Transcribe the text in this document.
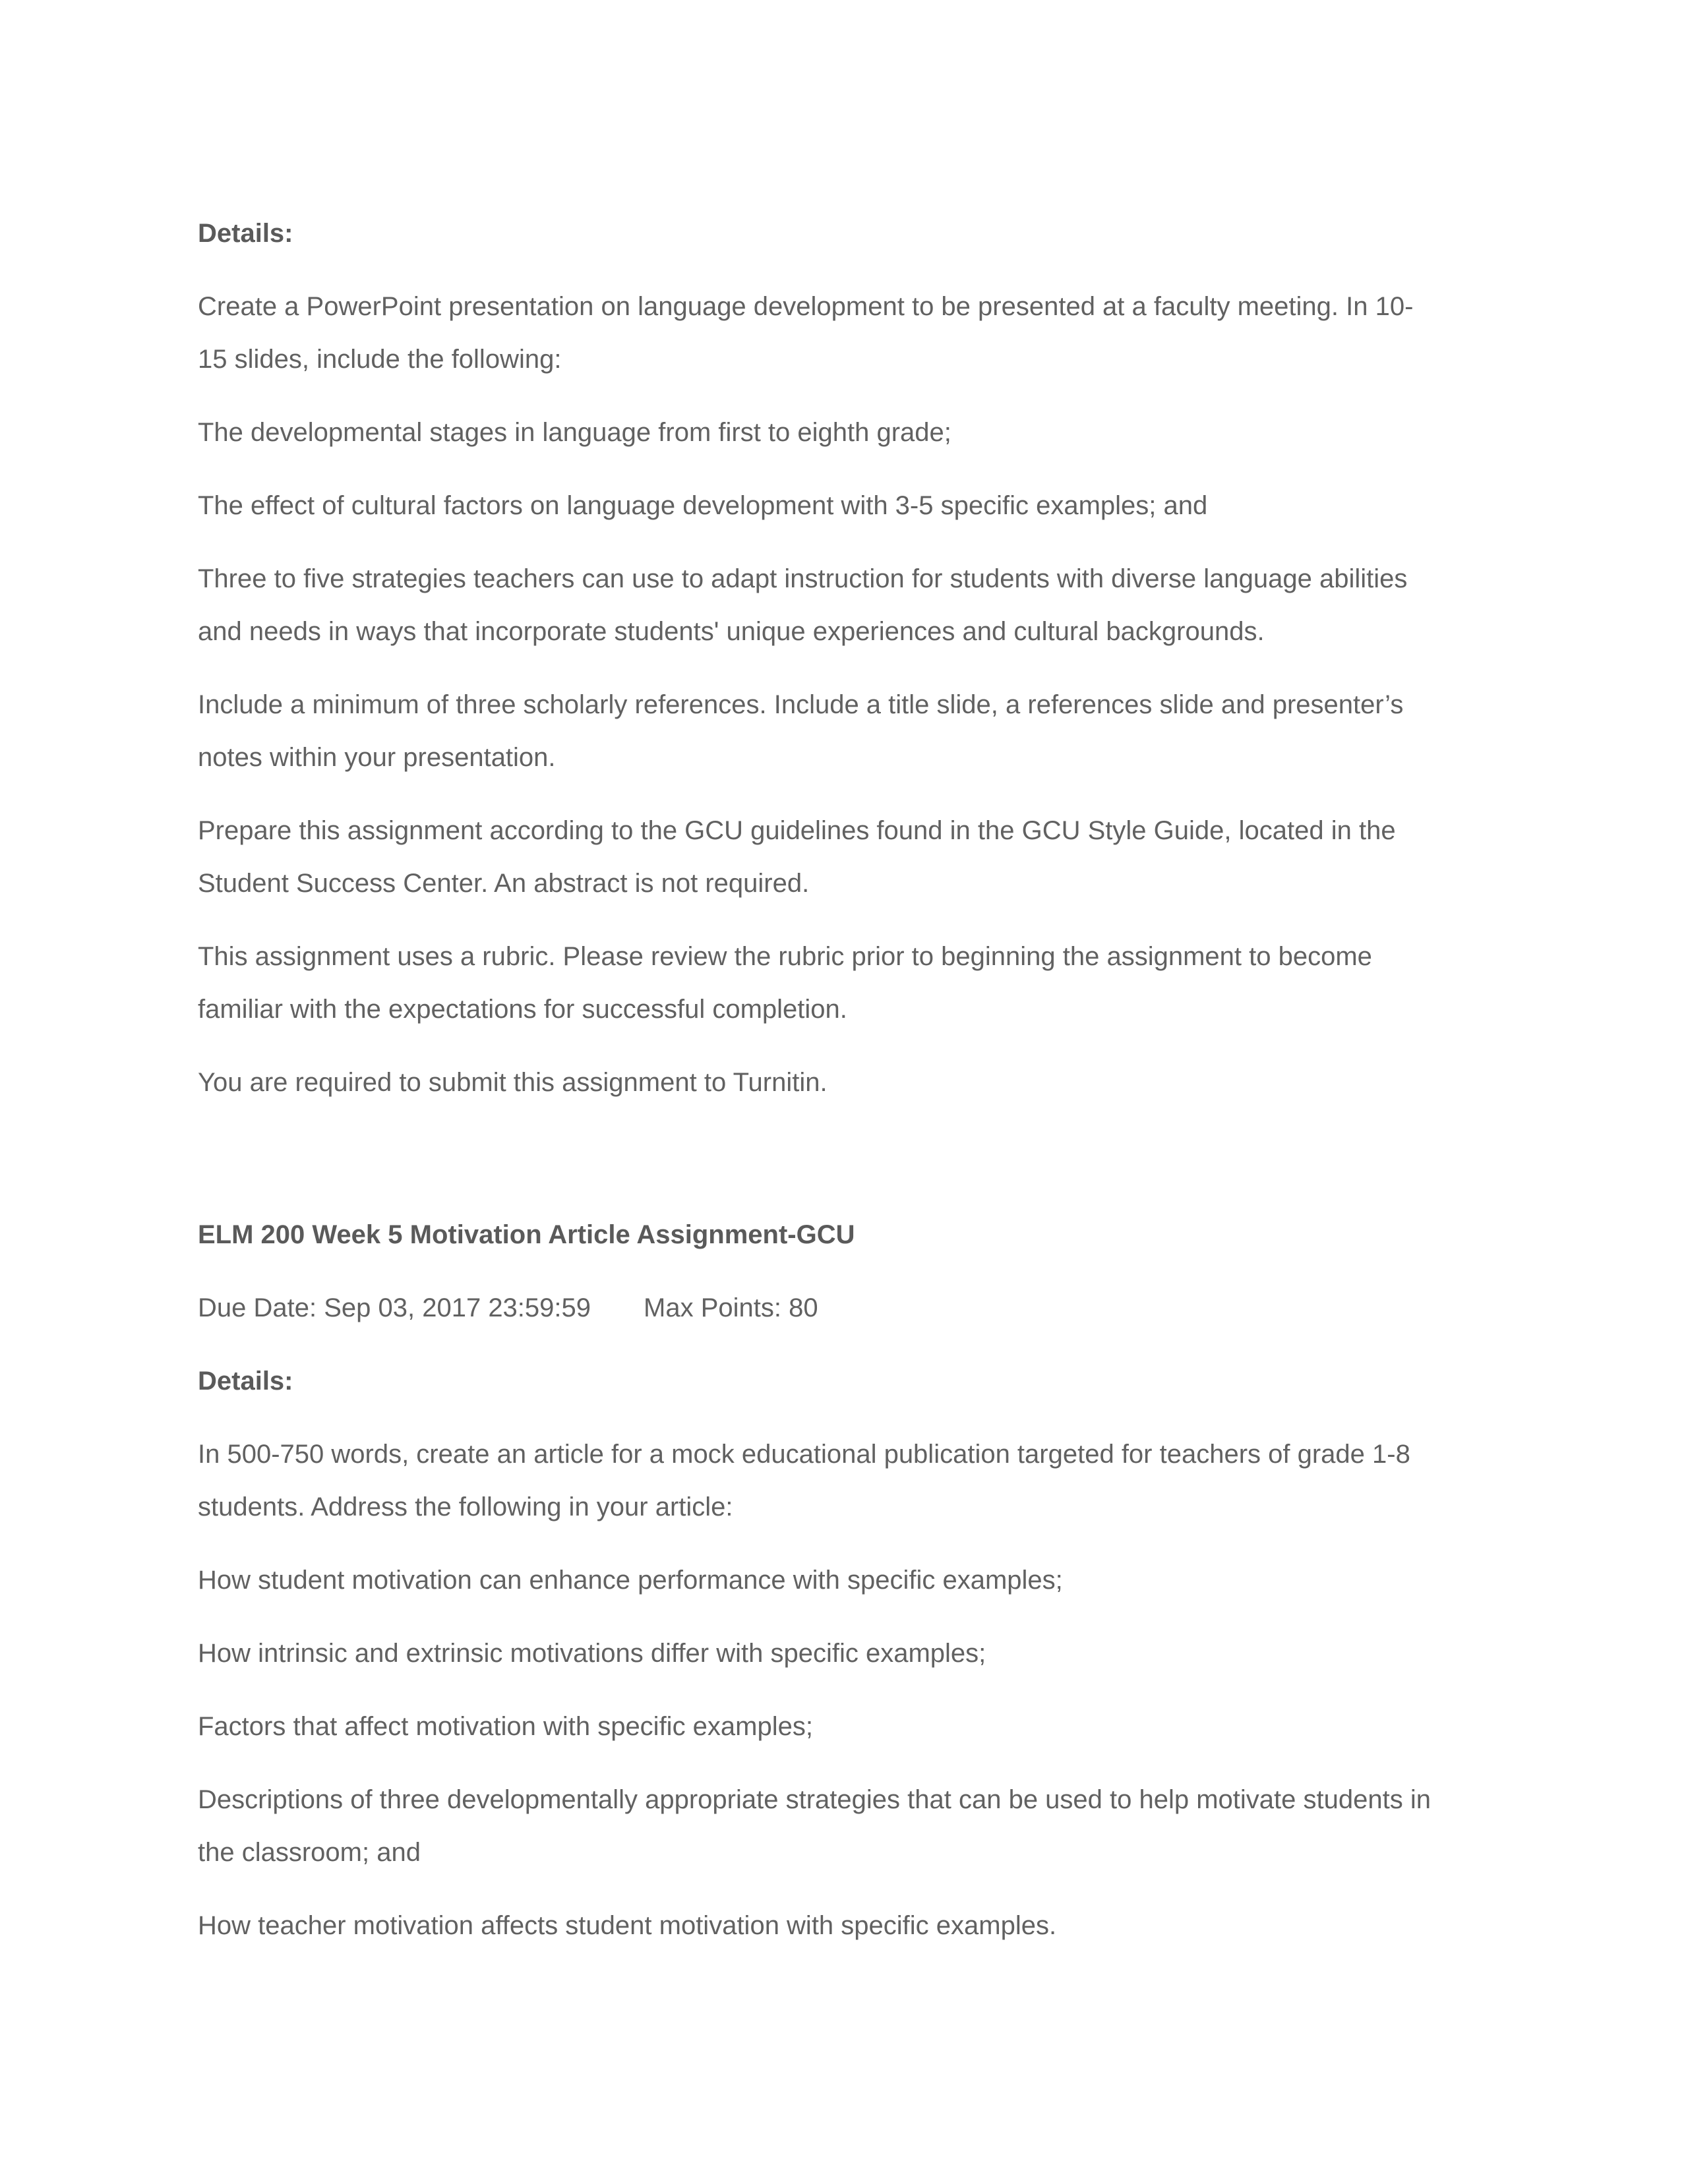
Details:
Create a PowerPoint presentation on language development to be presented at a faculty meeting. In 10-
15 slides, include the following:
The developmental stages in language from first to eighth grade;
The effect of cultural factors on language development with 3-5 specific examples; and
Three to five strategies teachers can use to adapt instruction for students with diverse language abilities
and needs in ways that incorporate students' unique experiences and cultural backgrounds.
Include a minimum of three scholarly references. Include a title slide, a references slide and presenter’s
notes within your presentation.
Prepare this assignment according to the GCU guidelines found in the GCU Style Guide, located in the
Student Success Center. An abstract is not required.
This assignment uses a rubric. Please review the rubric prior to beginning the assignment to become
familiar with the expectations for successful completion.
You are required to submit this assignment to Turnitin.
ELM 200 Week 5 Motivation Article Assignment-GCU
Due Date: Sep 03, 2017 23:59:59 Max Points: 80
Details:
In 500-750 words, create an article for a mock educational publication targeted for teachers of grade 1-8
students. Address the following in your article:
How student motivation can enhance performance with specific examples;
How intrinsic and extrinsic motivations differ with specific examples;
Factors that affect motivation with specific examples;
Descriptions of three developmentally appropriate strategies that can be used to help motivate students in
the classroom; and
How teacher motivation affects student motivation with specific examples.
